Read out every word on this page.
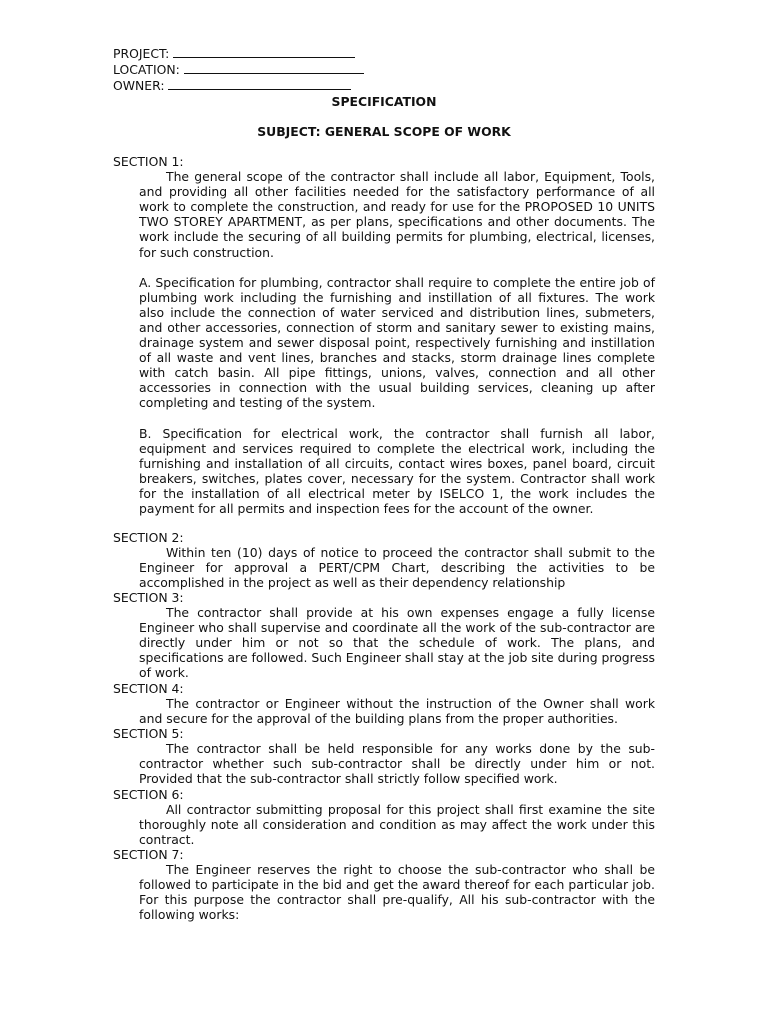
PROJECT:
LOCATION:
OWNER:
SPECIFICATION
SUBJECT: GENERAL SCOPE OF WORK
SECTION 1:
The general scope of the contractor shall include all labor, Equipment, Tools, and providing all other facilities needed for the satisfactory performance of all work to complete the construction, and ready for use for the PROPOSED 10 UNITS TWO STOREY APARTMENT, as per plans, specifications and other documents. The work include the securing of all building permits for plumbing, electrical, licenses, for such construction.
A. Specification for plumbing, contractor shall require to complete the entire job of plumbing work including the furnishing and instillation of all fixtures. The work also include the connection of water serviced and distribution lines, submeters, and other accessories, connection of storm and sanitary sewer to existing mains, drainage system and sewer disposal point, respectively furnishing and instillation of all waste and vent lines, branches and stacks, storm drainage lines complete with catch basin. All pipe fittings, unions, valves, connection and all other accessories in connection with the usual building services, cleaning up after completing and testing of the system.
B. Specification for electrical work, the contractor shall furnish all labor, equipment and services required to complete the electrical work, including the furnishing and installation of all circuits, contact wires boxes, panel board, circuit breakers, switches, plates cover, necessary for the system. Contractor shall work for the installation of all electrical meter by ISELCO 1, the work includes the payment for all permits and inspection fees for the account of the owner.
SECTION 2:
Within ten (10) days of notice to proceed the contractor shall submit to the Engineer for approval a PERT/CPM Chart, describing the activities to be accomplished in the project as well as their dependency relationship
SECTION 3:
The contractor shall provide at his own expenses engage a fully license Engineer who shall supervise and coordinate all the work of the sub-contractor are directly under him or not so that the schedule of work. The plans, and specifications are followed. Such Engineer shall stay at the job site during progress of work.
SECTION 4:
The contractor or Engineer without the instruction of the Owner shall work and secure for the approval of the building plans from the proper authorities.
SECTION 5:
The contractor shall be held responsible for any works done by the sub-contractor whether such sub-contractor shall be directly under him or not. Provided that the sub-contractor shall strictly follow specified work.
SECTION 6:
All contractor submitting proposal for this project shall first examine the site thoroughly note all consideration and condition as may affect the work under this contract.
SECTION 7:
The Engineer reserves the right to choose the sub-contractor who shall be followed to participate in the bid and get the award thereof for each particular job. For this purpose the contractor shall pre-qualify, All his sub-contractor with the following works:
